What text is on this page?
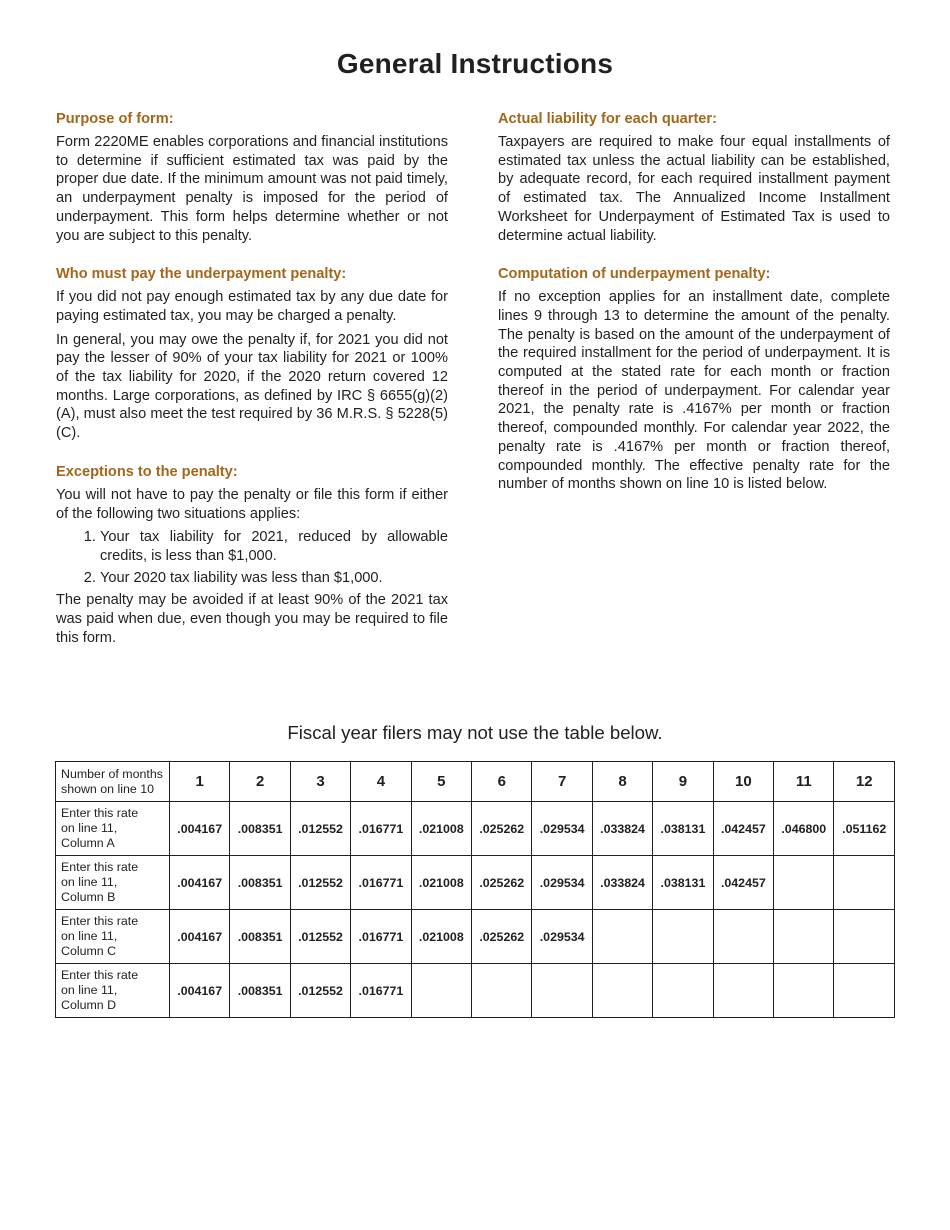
General Instructions
Purpose of form:

Form 2220ME enables corporations and financial institutions to determine if sufficient estimated tax was paid by the proper due date. If the minimum amount was not paid timely, an underpayment penalty is imposed for the period of underpayment. This form helps determine whether or not you are subject to this penalty.

Who must pay the underpayment penalty:

If you did not pay enough estimated tax by any due date for paying estimated tax, you may be charged a penalty.

In general, you may owe the penalty if, for 2021 you did not pay the lesser of 90% of your tax liability for 2021 or 100% of the tax liability for 2020, if the 2020 return covered 12 months. Large corporations, as defined by IRC § 6655(g)(2)(A), must also meet the test required by 36 M.R.S. § 5228(5)(C).

Exceptions to the penalty:

You will not have to pay the penalty or file this form if either of the following two situations applies:

1. Your tax liability for 2021, reduced by allowable credits, is less than $1,000.
2. Your 2020 tax liability was less than $1,000.

The penalty may be avoided if at least 90% of the 2021 tax was paid when due, even though you may be required to file this form.

Actual liability for each quarter:

Taxpayers are required to make four equal installments of estimated tax unless the actual liability can be established, by adequate record, for each required installment payment of estimated tax. The Annualized Income Installment Worksheet for Underpayment of Estimated Tax is used to determine actual liability.

Computation of underpayment penalty:

If no exception applies for an installment date, complete lines 9 through 13 to determine the amount of the penalty. The penalty is based on the amount of the underpayment of the required installment for the period of underpayment. It is computed at the stated rate for each month or fraction thereof in the period of underpayment. For calendar year 2021, the penalty rate is .4167% per month or fraction thereof, compounded monthly. For calendar year 2022, the penalty rate is .4167% per month or fraction thereof, compounded monthly. The effective penalty rate for the number of months shown on line 10 is listed below.

Fiscal year filers may not use the table below.
Number of months
shown on line 10	1	2	3	4	5	6	7	8	9	10	11	12

Enter this rate
on line 11,
Column A	.004167	.008351	.012552	.016771	.021008	.025262	.029534	.033824	.038131	.042457	.046800	.051162

Enter this rate
on line 11,
Column B	.004167	.008351	.012552	.016771	.021008	.025262	.029534	.033824	.038131	.042457		

Enter this rate
on line 11,
Column C	.004167	.008351	.012552	.016771	.021008	.025262	.029534					

Enter this rate
on line 11,
Column D	.004167	.008351	.012552	.016771								
